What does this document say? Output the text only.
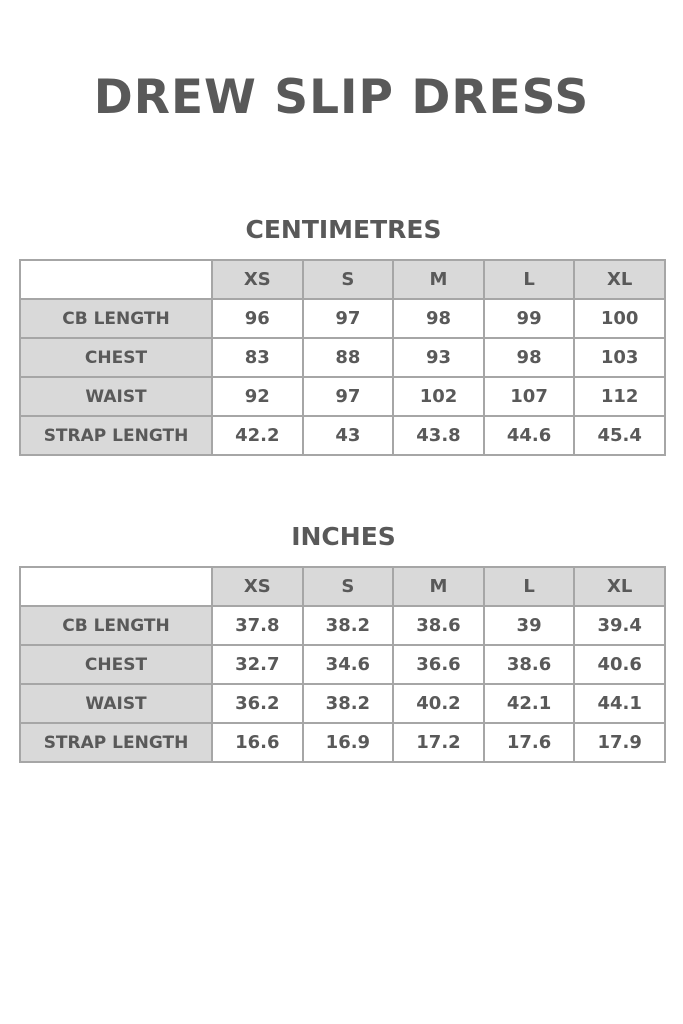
DREW SLIP DRESS
CENTIMETRES
	XS	S	M	L	XL
CB LENGTH	96	97	98	99	100
CHEST	83	88	93	98	103
WAIST	92	97	102	107	112
STRAP LENGTH	42.2	43	43.8	44.6	45.4
INCHES
	XS	S	M	L	XL
CB LENGTH	37.8	38.2	38.6	39	39.4
CHEST	32.7	34.6	36.6	38.6	40.6
WAIST	36.2	38.2	40.2	42.1	44.1
STRAP LENGTH	16.6	16.9	17.2	17.6	17.9
